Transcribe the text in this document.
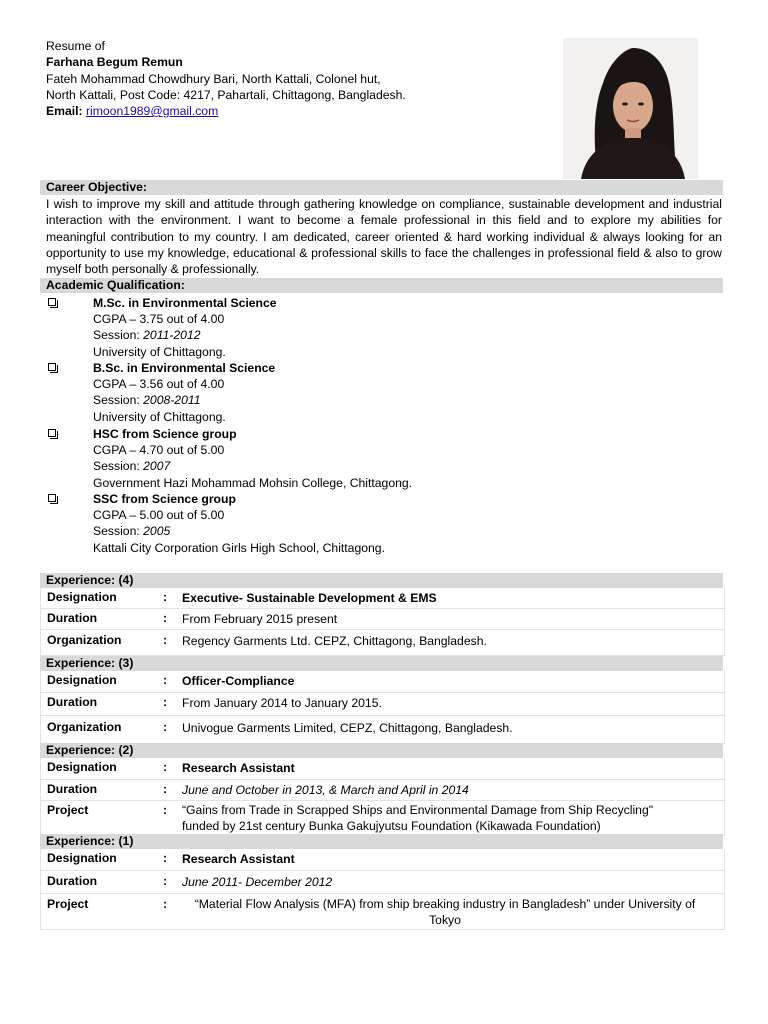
Resume of
Farhana Begum Remun
Fateh Mohammad Chowdhury Bari, North Kattali, Colonel hut,
North Kattali, Post Code: 4217, Pahartali, Chittagong, Bangladesh.
Email: rimoon1989@gmail.com
Career Objective:
I wish to improve my skill and attitude through gathering knowledge on compliance, sustainable development and industrial interaction with the environment. I want to become a female professional in this field and to explore my abilities for meaningful contribution to my country. I am dedicated, career oriented & hard working individual & always looking for an opportunity to use my knowledge, educational & professional skills to face the challenges in professional field & also to grow myself both personally & professionally.
Academic Qualification:
M.Sc. in Environmental Science
CGPA – 3.75 out of 4.00
Session: 2011-2012
University of Chittagong.
B.Sc. in Environmental Science
CGPA – 3.56 out of 4.00
Session: 2008-2011
University of Chittagong.
HSC from Science group
CGPA – 4.70 out of 5.00
Session: 2007
Government Hazi Mohammad Mohsin College, Chittagong.
SSC from Science group
CGPA – 5.00 out of 5.00
Session: 2005
Kattali City Corporation Girls High School, Chittagong.
Experience: (4)
Designation	: Executive- Sustainable Development & EMS
Duration	: From February 2015 present
Organization	: Regency Garments Ltd. CEPZ, Chittagong, Bangladesh.
Experience: (3)
Designation	: Officer-Compliance
Duration	: From January 2014 to January 2015.
Organization	: Univogue Garments Limited, CEPZ, Chittagong, Bangladesh.
Experience: (2)
Designation	: Research Assistant
Duration	: June and October in 2013, & March and April in 2014
Project	: “Gains from Trade in Scrapped Ships and Environmental Damage from Ship Recycling" funded by 21st century Bunka Gakujyutsu Foundation (Kikawada Foundation)
Experience: (1)
Designation	: Research Assistant
Duration	: June 2011- December 2012
Project	:	“Material Flow Analysis (MFA) from ship breaking industry in Bangladesh” under University of Tokyo
